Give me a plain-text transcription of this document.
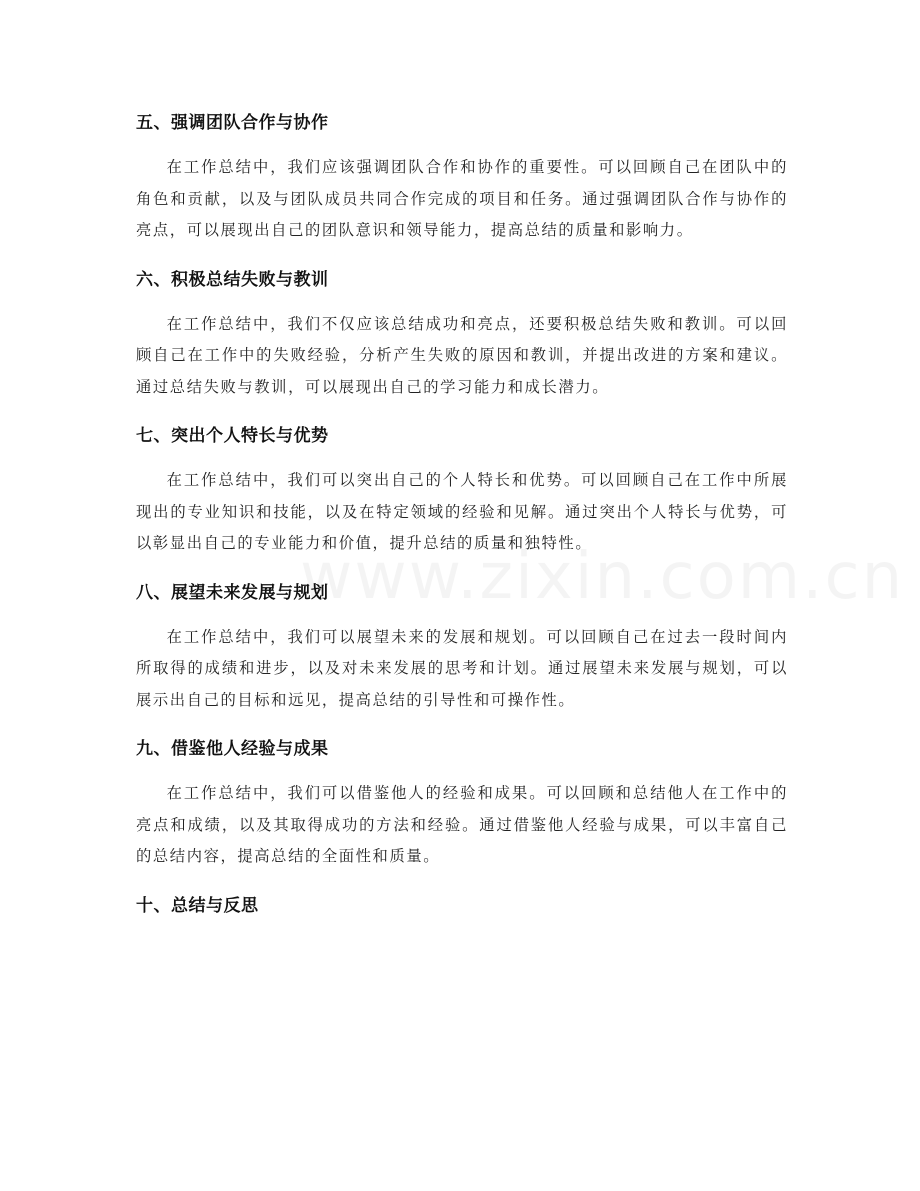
五、强调团队合作与协作

在工作总结中，我们应该强调团队合作和协作的重要性。可以回顾自己在团队中的角色和贡献，以及与团队成员共同合作完成的项目和任务。通过强调团队合作与协作的亮点，可以展现出自己的团队意识和领导能力，提高总结的质量和影响力。

六、积极总结失败与教训

在工作总结中，我们不仅应该总结成功和亮点，还要积极总结失败和教训。可以回顾自己在工作中的失败经验，分析产生失败的原因和教训，并提出改进的方案和建议。通过总结失败与教训，可以展现出自己的学习能力和成长潜力。

七、突出个人特长与优势

在工作总结中，我们可以突出自己的个人特长和优势。可以回顾自己在工作中所展现出的专业知识和技能，以及在特定领域的经验和见解。通过突出个人特长与优势，可以彰显出自己的专业能力和价值，提升总结的质量和独特性。

八、展望未来发展与规划

在工作总结中，我们可以展望未来的发展和规划。可以回顾自己在过去一段时间内所取得的成绩和进步，以及对未来发展的思考和计划。通过展望未来发展与规划，可以展示出自己的目标和远见，提高总结的引导性和可操作性。

九、借鉴他人经验与成果

在工作总结中，我们可以借鉴他人的经验和成果。可以回顾和总结他人在工作中的亮点和成绩，以及其取得成功的方法和经验。通过借鉴他人经验与成果，可以丰富自己的总结内容，提高总结的全面性和质量。

十、总结与反思
